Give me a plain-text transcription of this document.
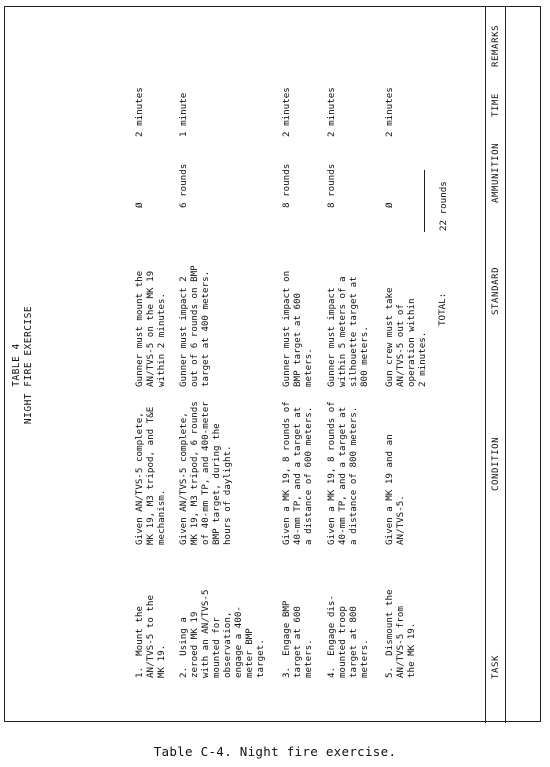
TABLE 4 NIGHT FIRE EXERCISE
TASK
CONDITION
STANDARD
AMMUNITION
TIME
REMARKS
1.  Mount the
AN/TVS-5 to the
MK 19.
Given AN/TVS-5 complete,
MK 19, M3 tripod, and T&E
mechanism.
Gunner must mount the
AN/TVS-5 on the MK 19
within 2 minutes.
Ø
2 minutes
2.  Using a
zeroed MK 19
with an AN/TVS-5
mounted for
observation,
engage a 400-
meter BMP
target.
Given AN/TVS-5 complete,
MK 19, M3 tripod, 6 rounds
of 40-mm TP, and 400-meter
BMP target, during the
hours of daylight.
Gunner must impact 2
out of 6 rounds on BMP
target at 400 meters.
6 rounds
1 minute
3.  Engage BMP
target at 600
meters.
Given a MK 19, 8 rounds of
40-mm TP, and a target at
a distance of 600 meters.
Gunner must impact on
BMP target at 600
meters.
8 rounds
2 minutes
4.  Engage dis-
mounted troop
target at 800
meters.
Given a MK 19, 8 rounds of
40-mm TP, and a target at
a distance of 800 meters.
Gunner must impact
within 5 meters of a
silhouette target at
800 meters.
8 rounds
2 minutes
5.  Dismount the
AN/TVS-5 from
the MK 19.
Given a MK 19 and an
AN/TVS-5.
Gun crew must take
AN/TVS-5 out of
operation within
2 minutes.
Ø
2 minutes
TOTAL:
22 rounds
Table C-4. Night fire exercise.
